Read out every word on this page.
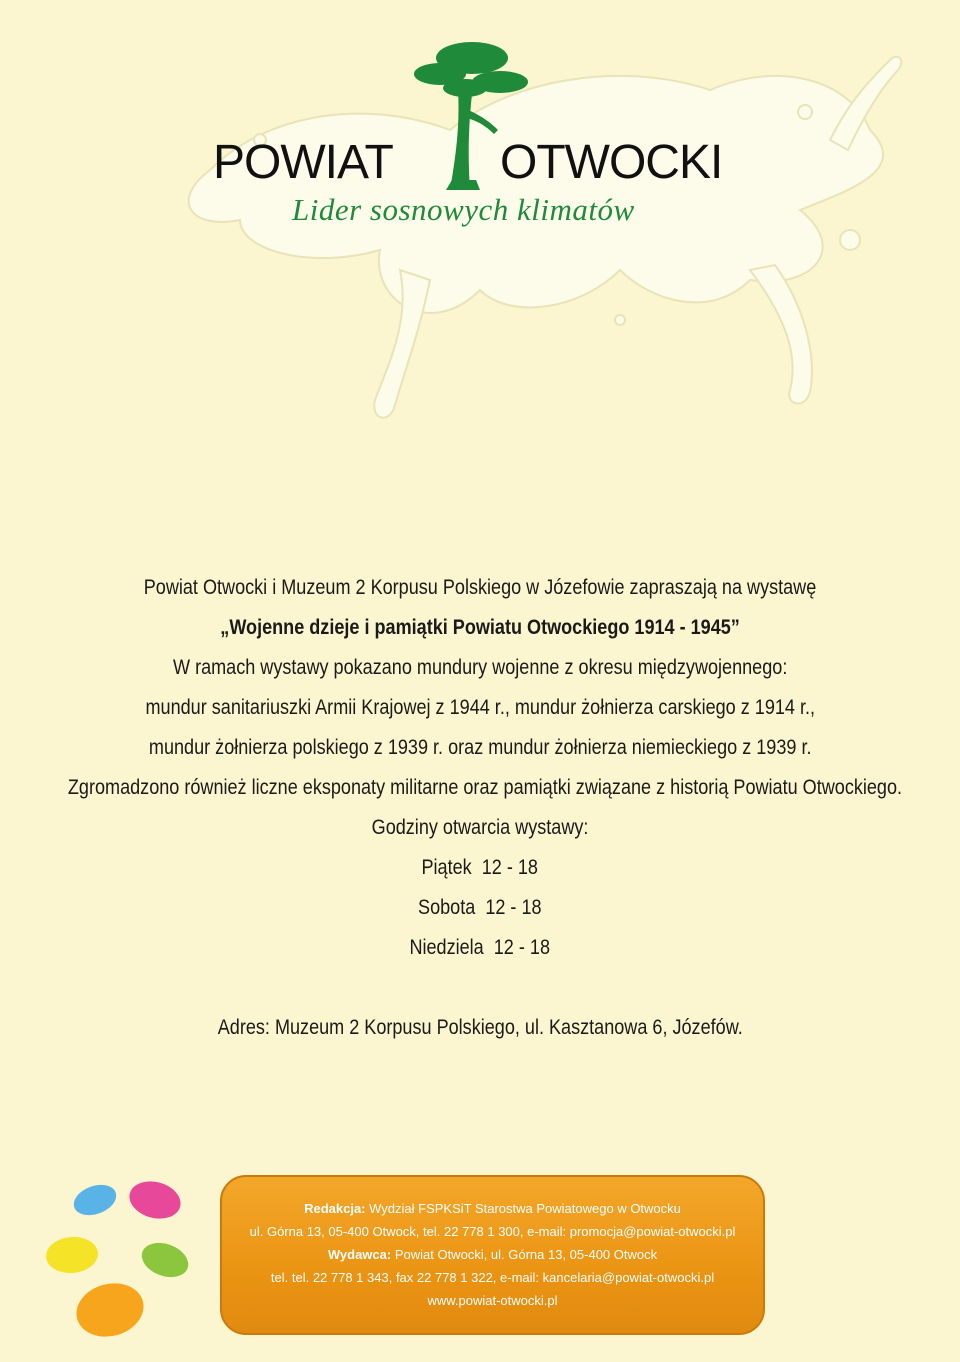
POWIAT OTWOCKI
Lider sosnowych klimatów
Powiat Otwocki i Muzeum 2 Korpusu Polskiego w Józefowie zapraszają na wystawę
„Wojenne dzieje i pamiątki Powiatu Otwockiego 1914 - 1945”
W ramach wystawy pokazano mundury wojenne z okresu międzywojennego:
mundur sanitariuszki Armii Krajowej z 1944 r., mundur żołnierza carskiego z 1914 r.,
mundur żołnierza polskiego z 1939 r. oraz mundur żołnierza niemieckiego z 1939 r.
Zgromadzono również liczne eksponaty militarne oraz pamiątki związane z historią Powiatu Otwockiego.
Godziny otwarcia wystawy:
Piątek  12 - 18
Sobota  12 - 18
Niedziela  12 - 18
Adres: Muzeum 2 Korpusu Polskiego, ul. Kasztanowa 6, Józefów.
Redakcja: Wydział FSPKSiT Starostwa Powiatowego w Otwocku
ul. Górna 13, 05-400 Otwock, tel. 22 778 1 300, e-mail: promocja@powiat-otwocki.pl
Wydawca: Powiat Otwocki, ul. Górna 13, 05-400 Otwock
tel. tel. 22 778 1 343, fax 22 778 1 322, e-mail: kancelaria@powiat-otwocki.pl
www.powiat-otwocki.pl
